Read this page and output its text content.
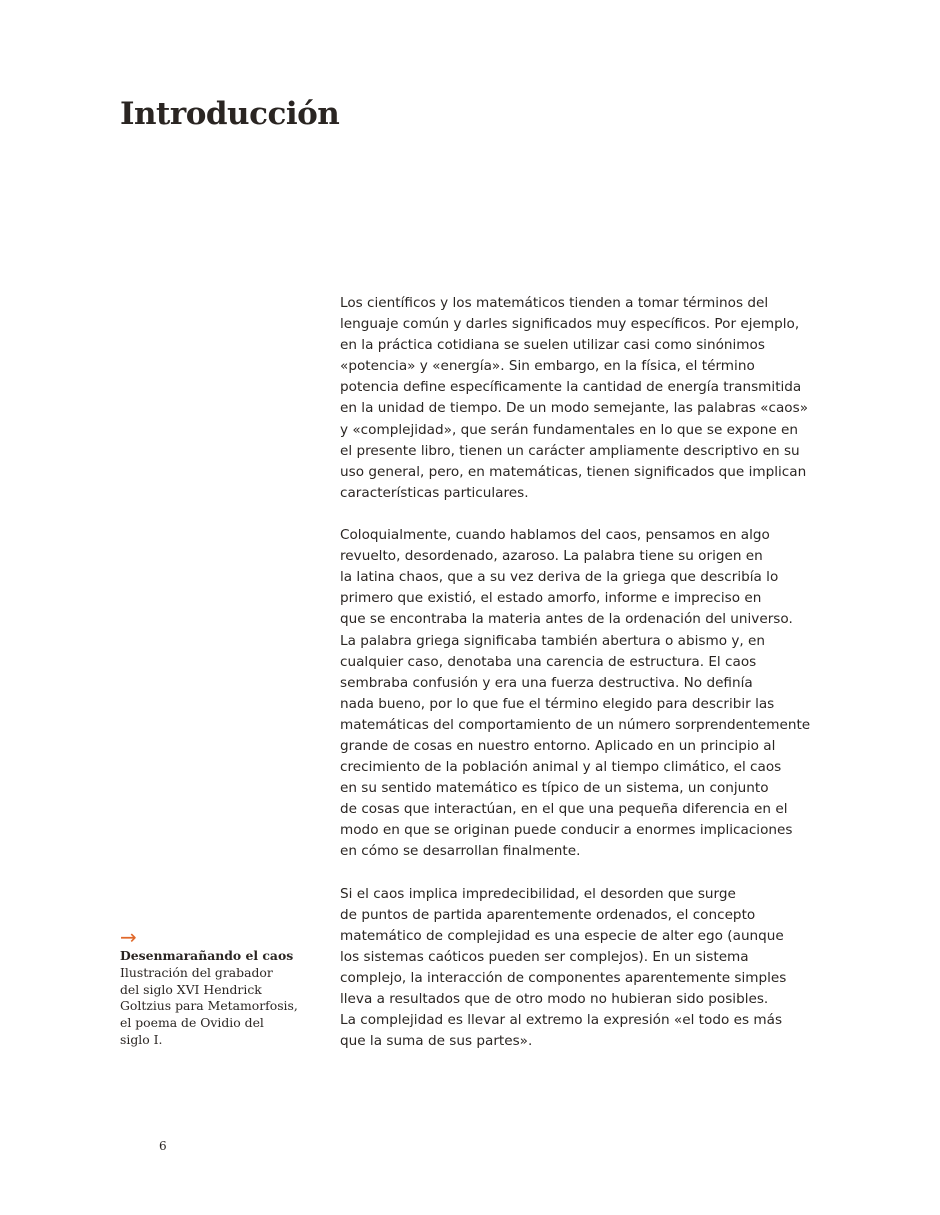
Introducción

Los científicos y los matemáticos tienden a tomar términos del
lenguaje común y darles significados muy específicos. Por ejemplo,
en la práctica cotidiana se suelen utilizar casi como sinónimos
«potencia» y «energía». Sin embargo, en la física, el término
potencia define específicamente la cantidad de energía transmitida
en la unidad de tiempo. De un modo semejante, las palabras «caos»
y «complejidad», que serán fundamentales en lo que se expone en
el presente libro, tienen un carácter ampliamente descriptivo en su
uso general, pero, en matemáticas, tienen significados que implican
características particulares.

Coloquialmente, cuando hablamos del caos, pensamos en algo
revuelto, desordenado, azaroso. La palabra tiene su origen en
la latina chaos, que a su vez deriva de la griega que describía lo
primero que existió, el estado amorfo, informe e impreciso en
que se encontraba la materia antes de la ordenación del universo.
La palabra griega significaba también abertura o abismo y, en
cualquier caso, denotaba una carencia de estructura. El caos
sembraba confusión y era una fuerza destructiva. No definía
nada bueno, por lo que fue el término elegido para describir las
matemáticas del comportamiento de un número sorprendentemente
grande de cosas en nuestro entorno. Aplicado en un principio al
crecimiento de la población animal y al tiempo climático, el caos
en su sentido matemático es típico de un sistema, un conjunto
de cosas que interactúan, en el que una pequeña diferencia en el
modo en que se originan puede conducir a enormes implicaciones
en cómo se desarrollan finalmente.

Si el caos implica impredecibilidad, el desorden que surge
de puntos de partida aparentemente ordenados, el concepto
matemático de complejidad es una especie de alter ego (aunque
los sistemas caóticos pueden ser complejos). En un sistema
complejo, la interacción de componentes aparentemente simples
lleva a resultados que de otro modo no hubieran sido posibles.
La complejidad es llevar al extremo la expresión «el todo es más
que la suma de sus partes».

→
Desenmarañando el caos
Ilustración del grabador
del siglo XVI Hendrick
Goltzius para Metamorfosis,
el poema de Ovidio del
siglo I.
6
